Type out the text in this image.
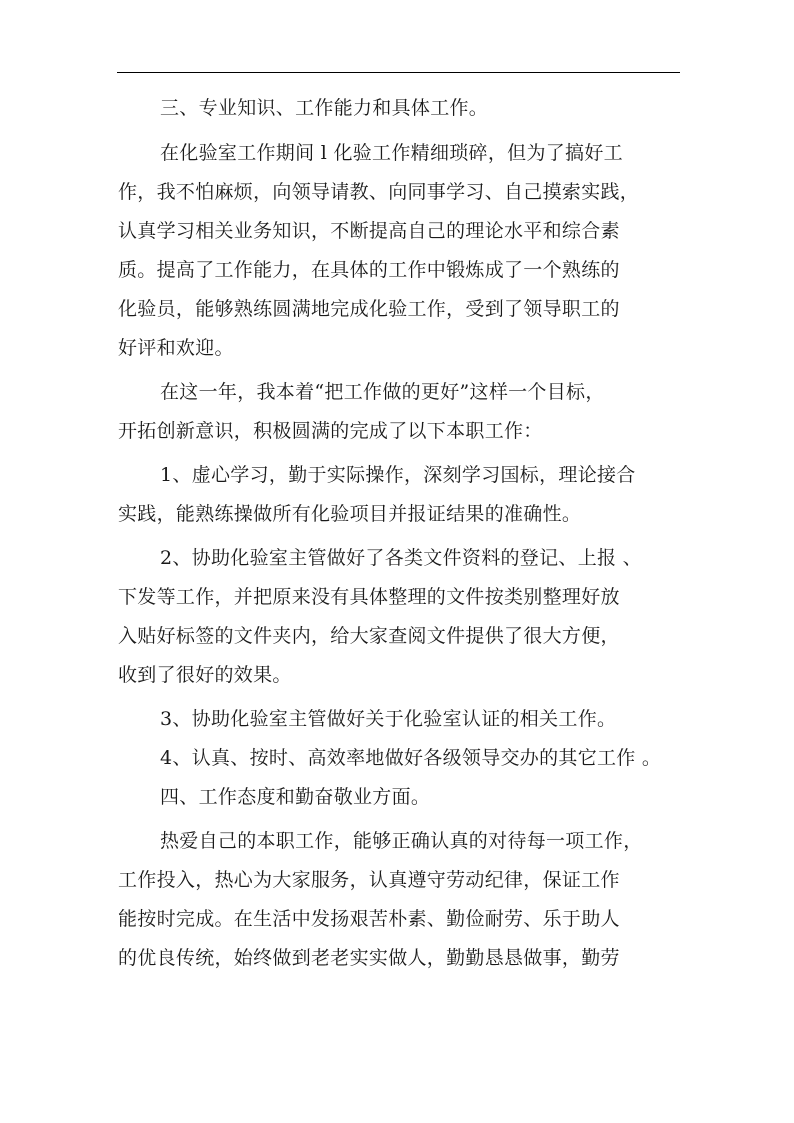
三、专业知识、工作能力和具体工作。
在化验室工作期间 l 化验工作精细琐碎，但为了搞好工
作，我不怕麻烦，向领导请教、向同事学习、自己摸索实践，
认真学习相关业务知识，不断提高自己的理论水平和综合素
质。提高了工作能力，在具体的工作中锻炼成了一个熟练的
化验员，能够熟练圆满地完成化验工作，受到了领导职工的
好评和欢迎。
在这一年，我本着“把工作做的更好”这样一个目标，
开拓创新意识，积极圆满的完成了以下本职工作：
1、虚心学习，勤于实际操作，深刻学习国标，理论接合
实践，能熟练操做所有化验项目并报证结果的准确性。
2、协助化验室主管做好了各类文件资料的登记、上报 、
下发等工作，并把原来没有具体整理的文件按类别整理好放
入贴好标签的文件夹内，给大家查阅文件提供了很大方便，
收到了很好的效果。
3、协助化验室主管做好关于化验室认证的相关工作。
4、认真、按时、高效率地做好各级领导交办的其它工作 。
四、工作态度和勤奋敬业方面。
热爱自己的本职工作，能够正确认真的对待每一项工作，
工作投入，热心为大家服务，认真遵守劳动纪律，保证工作
能按时完成。在生活中发扬艰苦朴素、勤俭耐劳、乐于助人
的优良传统，始终做到老老实实做人，勤勤恳恳做事，勤劳
